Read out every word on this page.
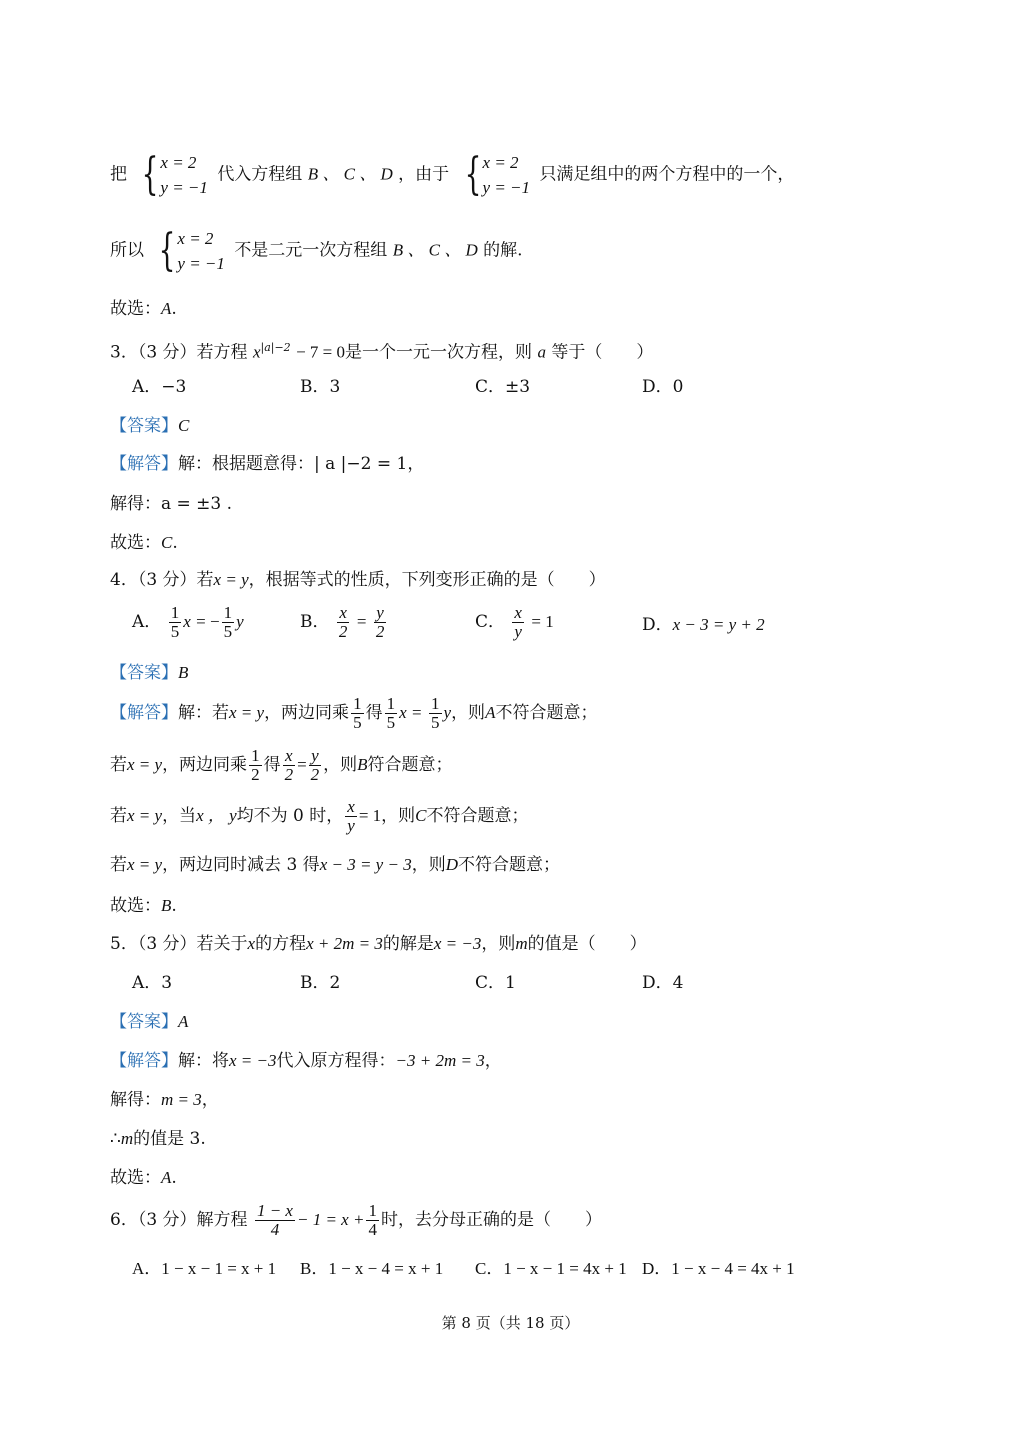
把 { x = 2
y = −1
代入方程组 B 、 C 、 D ，由于 { x = 2
y = −1
只满足组中的两个方程中的一个，
所以 { x = 2
y = −1
不是二元一次方程组 B 、 C 、 D 的解.
故选：A.
3．（3 分）若方程 $x^{|a|-2} - 7 = 0$是一个一元一次方程，则 a 等于（　　）
A．−3	B．3	C．±3	D．0
【答案】C
【解答】解：根据题意得：| a |−2 = 1，
解得：a = ±3 .
故选：C.
4．（3 分）若x = y，根据等式的性质，下列变形正确的是（　　）
A． $\frac{1}{5}$ x = − $\frac{1}{5}$ y	B． $\frac{x}{2} = \frac{y}{2}$	C． $\frac{x}{y} = 1$	D．x − 3 = y + 2
【答案】B
【解答】解：若x = y，两边同乘 $\frac{1}{5}$ 得 $\frac{1}{5}$ $x = \frac{1}{5}$ y，则A不符合题意；
若x = y，两边同乘 $\frac{1}{2}$ 得 $\frac{x}{2} = \frac{y}{2}$ ，则B符合题意；
若x = y，当x ， y均不为 0 时， $\frac{x}{y} = 1$，则C不符合题意；
若x = y，两边同时减去 3 得x − 3 = y − 3，则D不符合题意；
故选：B.
5．（3 分）若关于x的方程x + 2m = 3的解是x = −3，则m的值是（　　）
A．3	B．2	C．1	D．4
【答案】A
【解答】解：将x = −3代入原方程得：−3 + 2m = 3，
解得：m = 3，
∴m的值是 3.
故选：A.
6．（3 分）解方程 $\frac{1 - x}{4} - 1 = x + \frac{1}{4}$ 时，去分母正确的是（　　）
A．1 − x − 1 = x + 1 B．1 − x − 4 = x + 1 C．1 − x − 1 = 4x + 1 D．1 − x − 4 = 4x + 1
第 8 页（共 18 页）
